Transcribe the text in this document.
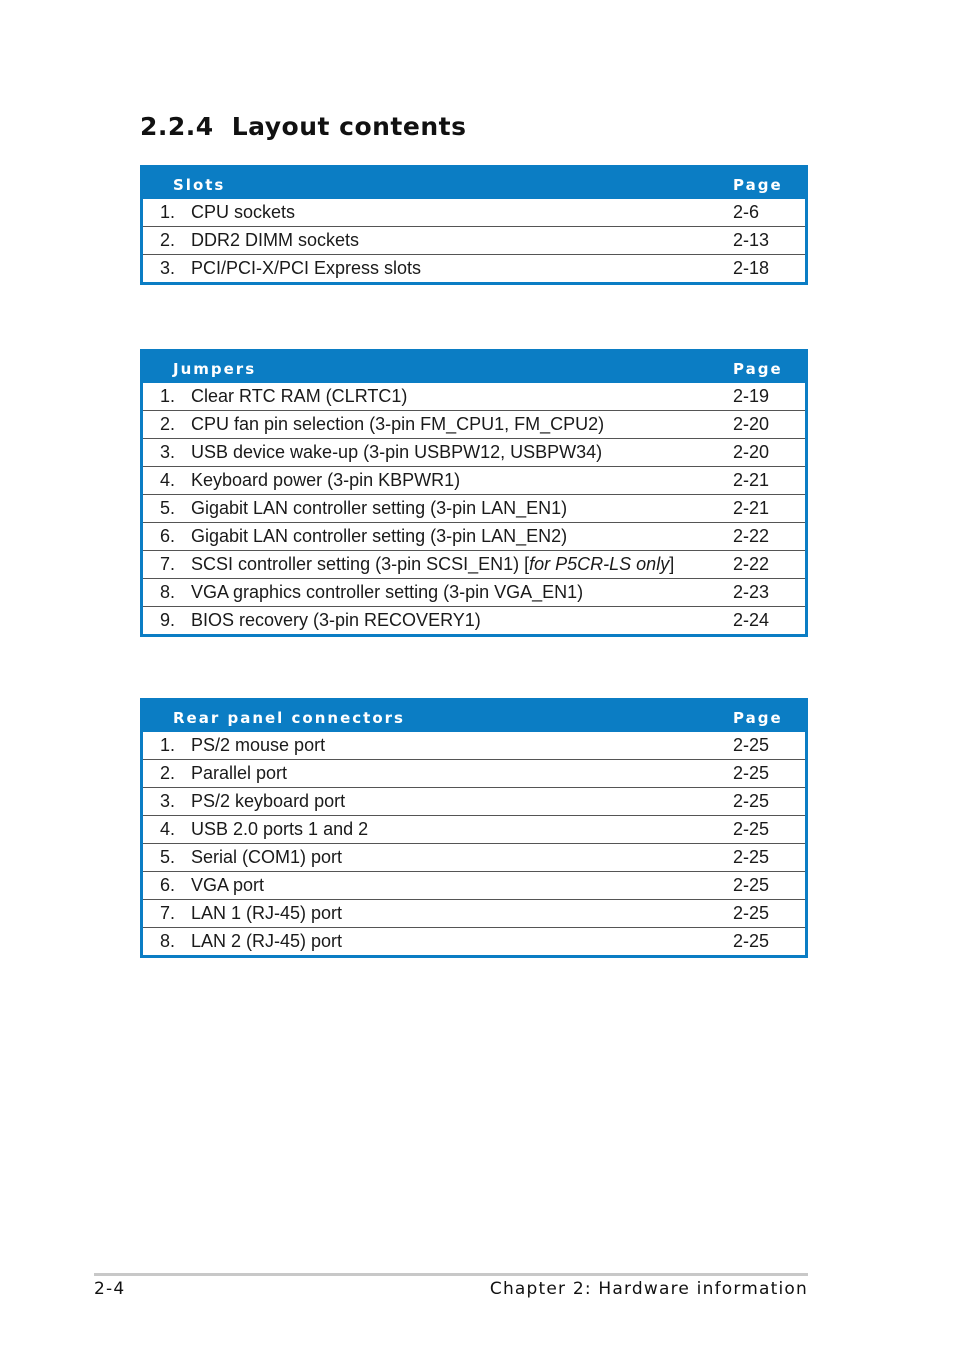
2.2.4 Layout contents
Slots	Page
1. CPU sockets	2-6
2. DDR2 DIMM sockets	2-13
3. PCI/PCI-X/PCI Express slots	2-18
Jumpers	Page
1. Clear RTC RAM (CLRTC1)	2-19
2. CPU fan pin selection (3-pin FM_CPU1, FM_CPU2)	2-20
3. USB device wake-up (3-pin USBPW12, USBPW34)	2-20
4. Keyboard power (3-pin KBPWR1)	2-21
5. Gigabit LAN controller setting (3-pin LAN_EN1)	2-21
6. Gigabit LAN controller setting (3-pin LAN_EN2)	2-22
7. SCSI controller setting (3-pin SCSI_EN1) [for P5CR-LS only]	2-22
8. VGA graphics controller setting (3-pin VGA_EN1)	2-23
9. BIOS recovery (3-pin RECOVERY1)	2-24
Rear panel connectors	Page
1. PS/2 mouse port	2-25
2. Parallel port	2-25
3. PS/2 keyboard port	2-25
4. USB 2.0 ports 1 and 2	2-25
5. Serial (COM1) port	2-25
6. VGA port	2-25
7. LAN 1 (RJ-45) port	2-25
8. LAN 2 (RJ-45) port	2-25
2-4	Chapter 2: Hardware information
